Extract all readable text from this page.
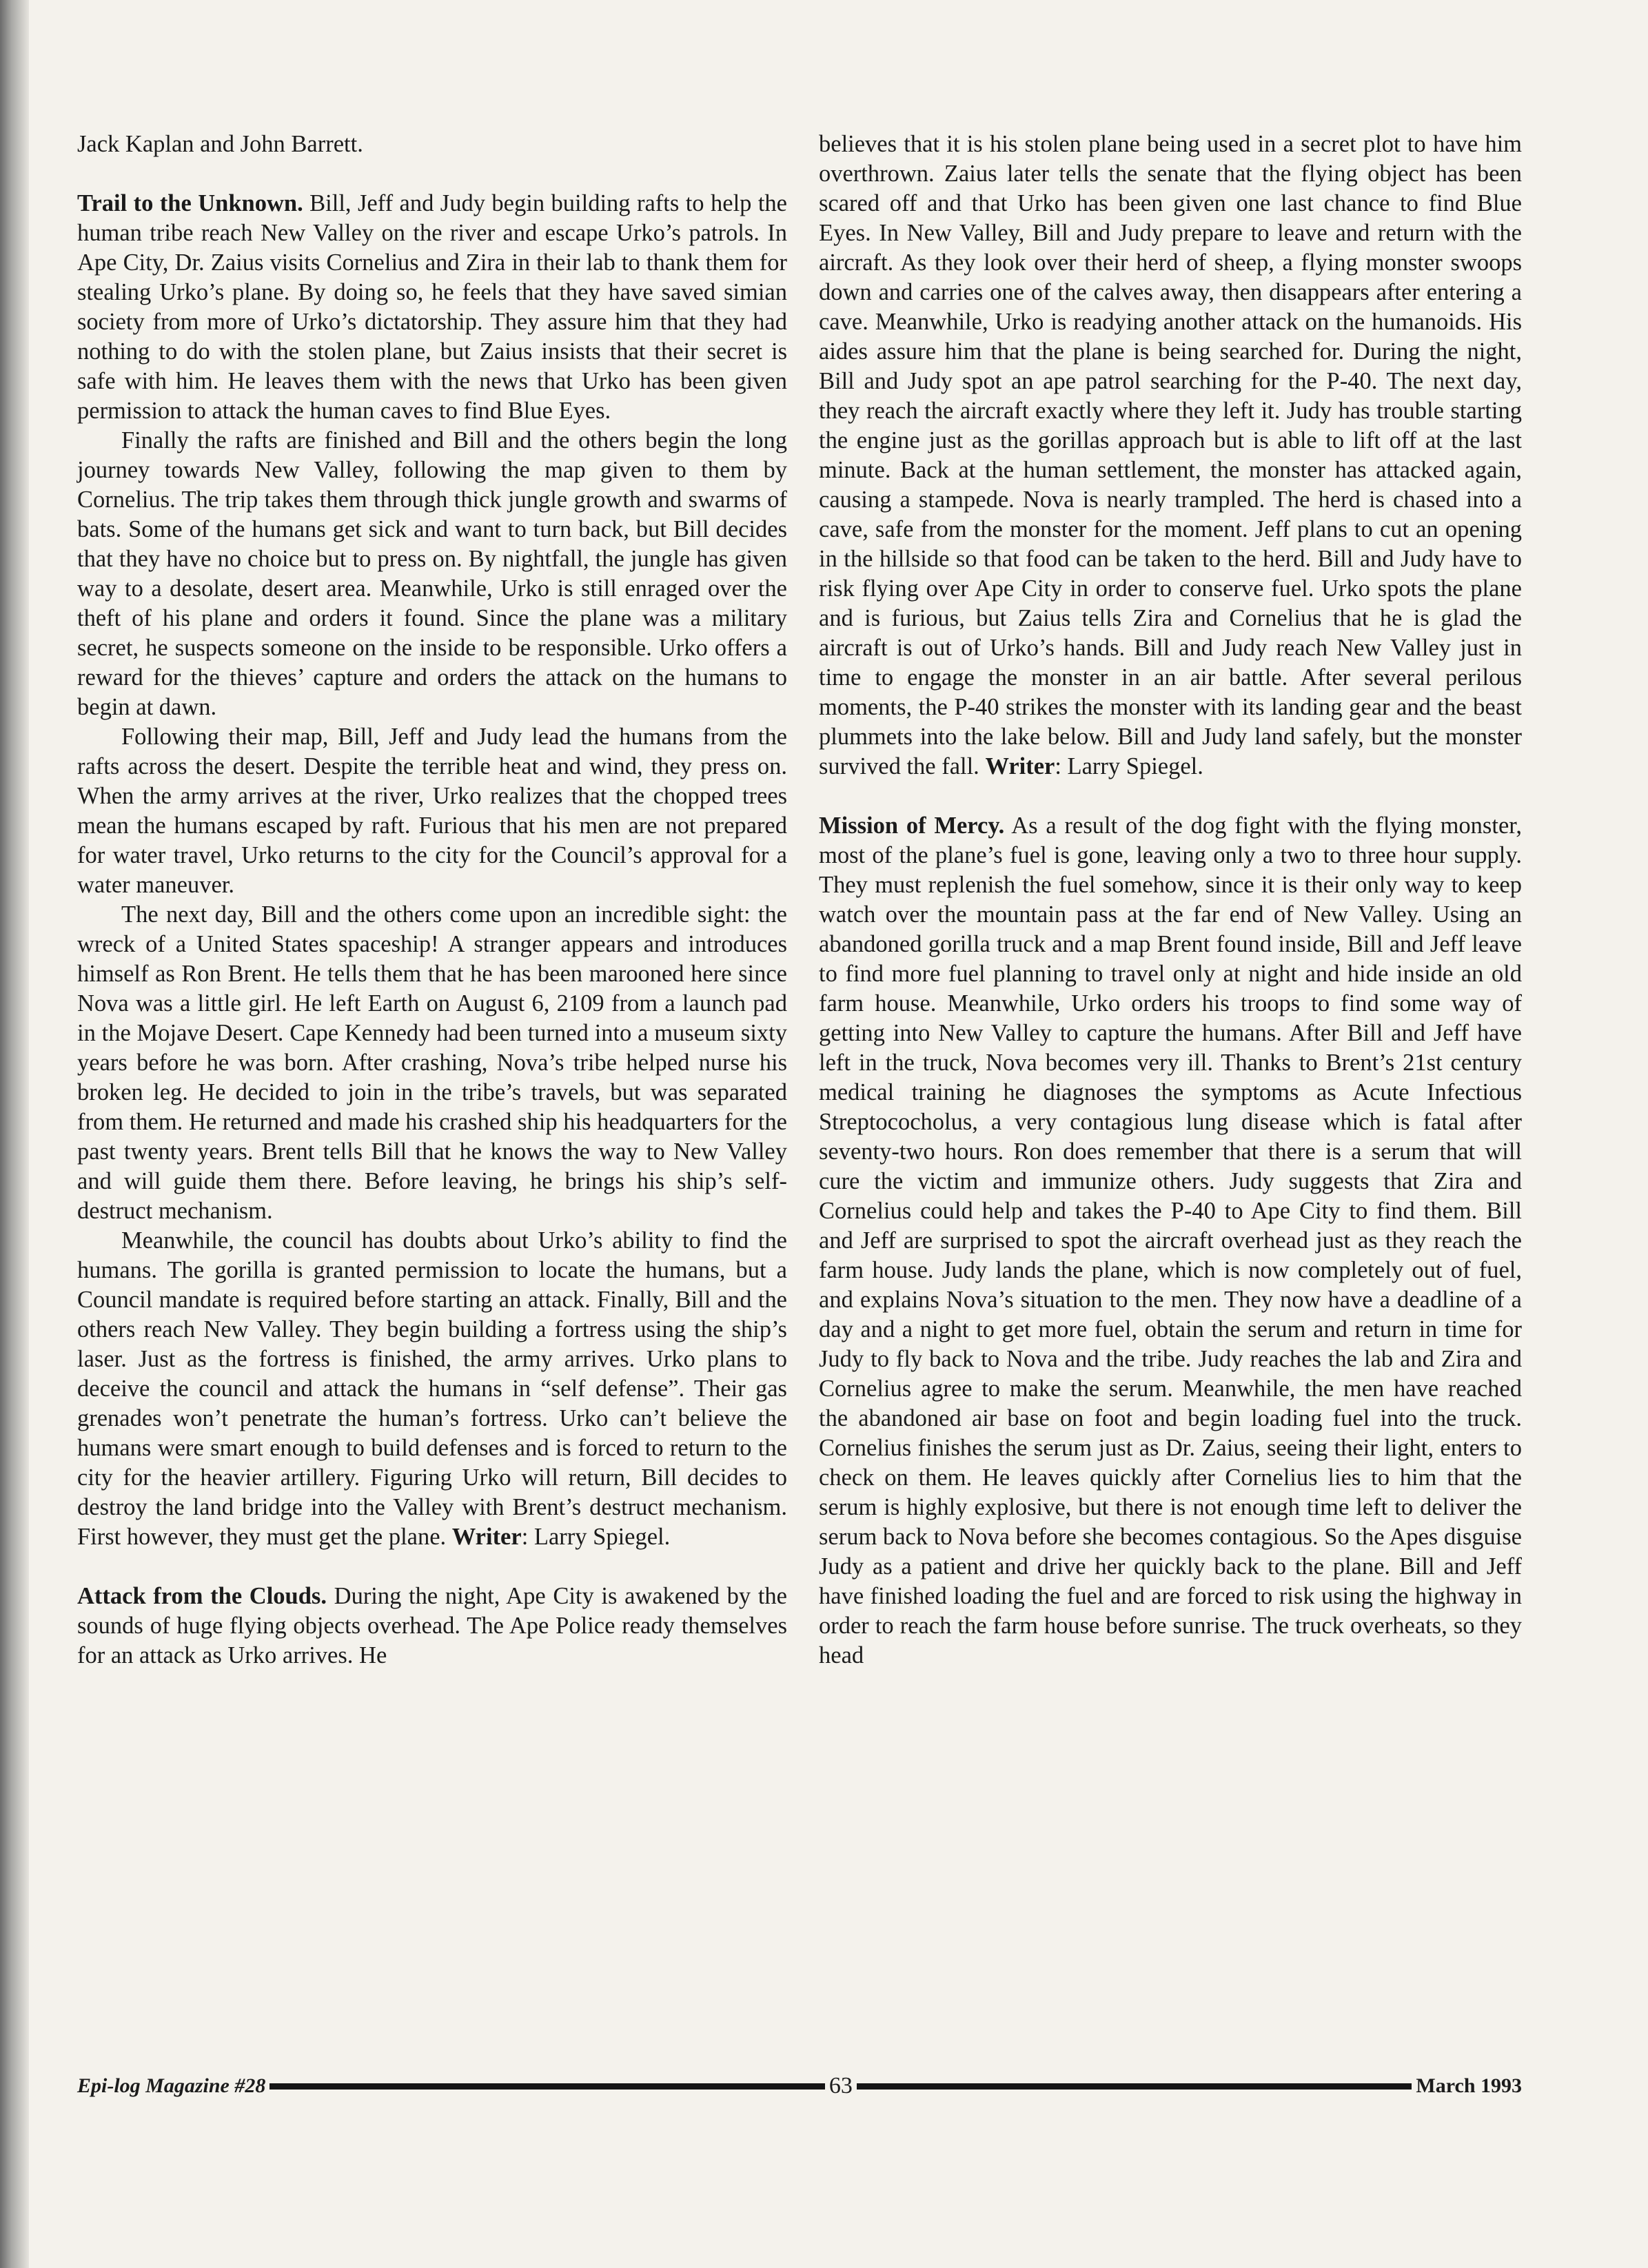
Jack Kaplan and John Barrett.

Trail to the Unknown. Bill, Jeff and Judy begin building rafts to help the human tribe reach New Valley on the river and escape Urko’s patrols. In Ape City, Dr. Zaius visits Cornelius and Zira in their lab to thank them for stealing Urko’s plane. By doing so, he feels that they have saved simian society from more of Urko’s dictatorship. They assure him that they had nothing to do with the stolen plane, but Zaius insists that their secret is safe with him. He leaves them with the news that Urko has been given permission to attack the human caves to find Blue Eyes.

Finally the rafts are finished and Bill and the others begin the long journey towards New Valley, following the map given to them by Cornelius. The trip takes them through thick jungle growth and swarms of bats. Some of the humans get sick and want to turn back, but Bill decides that they have no choice but to press on. By nightfall, the jungle has given way to a desolate, desert area. Meanwhile, Urko is still enraged over the theft of his plane and orders it found. Since the plane was a military secret, he suspects someone on the inside to be responsible. Urko offers a reward for the thieves’ capture and orders the attack on the humans to begin at dawn.

Following their map, Bill, Jeff and Judy lead the humans from the rafts across the desert. Despite the terrible heat and wind, they press on. When the army arrives at the river, Urko realizes that the chopped trees mean the humans escaped by raft. Furious that his men are not prepared for water travel, Urko returns to the city for the Council’s approval for a water maneuver.

The next day, Bill and the others come upon an incredible sight: the wreck of a United States spaceship! A stranger appears and introduces himself as Ron Brent. He tells them that he has been marooned here since Nova was a little girl. He left Earth on August 6, 2109 from a launch pad in the Mojave Desert. Cape Kennedy had been turned into a museum sixty years before he was born. After crashing, Nova’s tribe helped nurse his broken leg. He decided to join in the tribe’s travels, but was separated from them. He returned and made his crashed ship his headquarters for the past twenty years. Brent tells Bill that he knows the way to New Valley and will guide them there. Before leaving, he brings his ship’s self-destruct mechanism.

Meanwhile, the council has doubts about Urko’s ability to find the humans. The gorilla is granted permission to locate the humans, but a Council mandate is required before starting an attack. Finally, Bill and the others reach New Valley. They begin building a fortress using the ship’s laser. Just as the fortress is finished, the army arrives. Urko plans to deceive the council and attack the humans in “self defense”. Their gas grenades won’t penetrate the human’s fortress. Urko can’t believe the humans were smart enough to build defenses and is forced to return to the city for the heavier artillery. Figuring Urko will return, Bill decides to destroy the land bridge into the Valley with Brent’s destruct mechanism. First however, they must get the plane. Writer: Larry Spiegel.

Attack from the Clouds. During the night, Ape City is awakened by the sounds of huge flying objects overhead. The Ape Police ready themselves for an attack as Urko arrives. He

believes that it is his stolen plane being used in a secret plot to have him overthrown. Zaius later tells the senate that the flying object has been scared off and that Urko has been given one last chance to find Blue Eyes. In New Valley, Bill and Judy prepare to leave and return with the aircraft. As they look over their herd of sheep, a flying monster swoops down and carries one of the calves away, then disappears after entering a cave. Meanwhile, Urko is readying another attack on the humanoids. His aides assure him that the plane is being searched for. During the night, Bill and Judy spot an ape patrol searching for the P-40. The next day, they reach the aircraft exactly where they left it. Judy has trouble starting the engine just as the gorillas approach but is able to lift off at the last minute. Back at the human settlement, the monster has attacked again, causing a stampede. Nova is nearly trampled. The herd is chased into a cave, safe from the monster for the moment. Jeff plans to cut an opening in the hillside so that food can be taken to the herd. Bill and Judy have to risk flying over Ape City in order to conserve fuel. Urko spots the plane and is furious, but Zaius tells Zira and Cornelius that he is glad the aircraft is out of Urko’s hands. Bill and Judy reach New Valley just in time to engage the monster in an air battle. After several perilous moments, the P-40 strikes the monster with its landing gear and the beast plummets into the lake below. Bill and Judy land safely, but the monster survived the fall. Writer: Larry Spiegel.

Mission of Mercy. As a result of the dog fight with the flying monster, most of the plane’s fuel is gone, leaving only a two to three hour supply. They must replenish the fuel somehow, since it is their only way to keep watch over the mountain pass at the far end of New Valley. Using an abandoned gorilla truck and a map Brent found inside, Bill and Jeff leave to find more fuel planning to travel only at night and hide inside an old farm house. Meanwhile, Urko orders his troops to find some way of getting into New Valley to capture the humans. After Bill and Jeff have left in the truck, Nova becomes very ill. Thanks to Brent’s 21st century medical training he diagnoses the symptoms as Acute Infectious Streptococholus, a very contagious lung disease which is fatal after seventy-two hours. Ron does remember that there is a serum that will cure the victim and immunize others. Judy suggests that Zira and Cornelius could help and takes the P-40 to Ape City to find them. Bill and Jeff are surprised to spot the aircraft overhead just as they reach the farm house. Judy lands the plane, which is now completely out of fuel, and explains Nova’s situation to the men. They now have a deadline of a day and a night to get more fuel, obtain the serum and return in time for Judy to fly back to Nova and the tribe. Judy reaches the lab and Zira and Cornelius agree to make the serum. Meanwhile, the men have reached the abandoned air base on foot and begin loading fuel into the truck. Cornelius finishes the serum just as Dr. Zaius, seeing their light, enters to check on them. He leaves quickly after Cornelius lies to him that the serum is highly explosive, but there is not enough time left to deliver the serum back to Nova before she becomes contagious. So the Apes disguise Judy as a patient and drive her quickly back to the plane. Bill and Jeff have finished loading the fuel and are forced to risk using the highway in order to reach the farm house before sunrise. The truck overheats, so they head

Epi-log Magazine #28	63	March 1993
